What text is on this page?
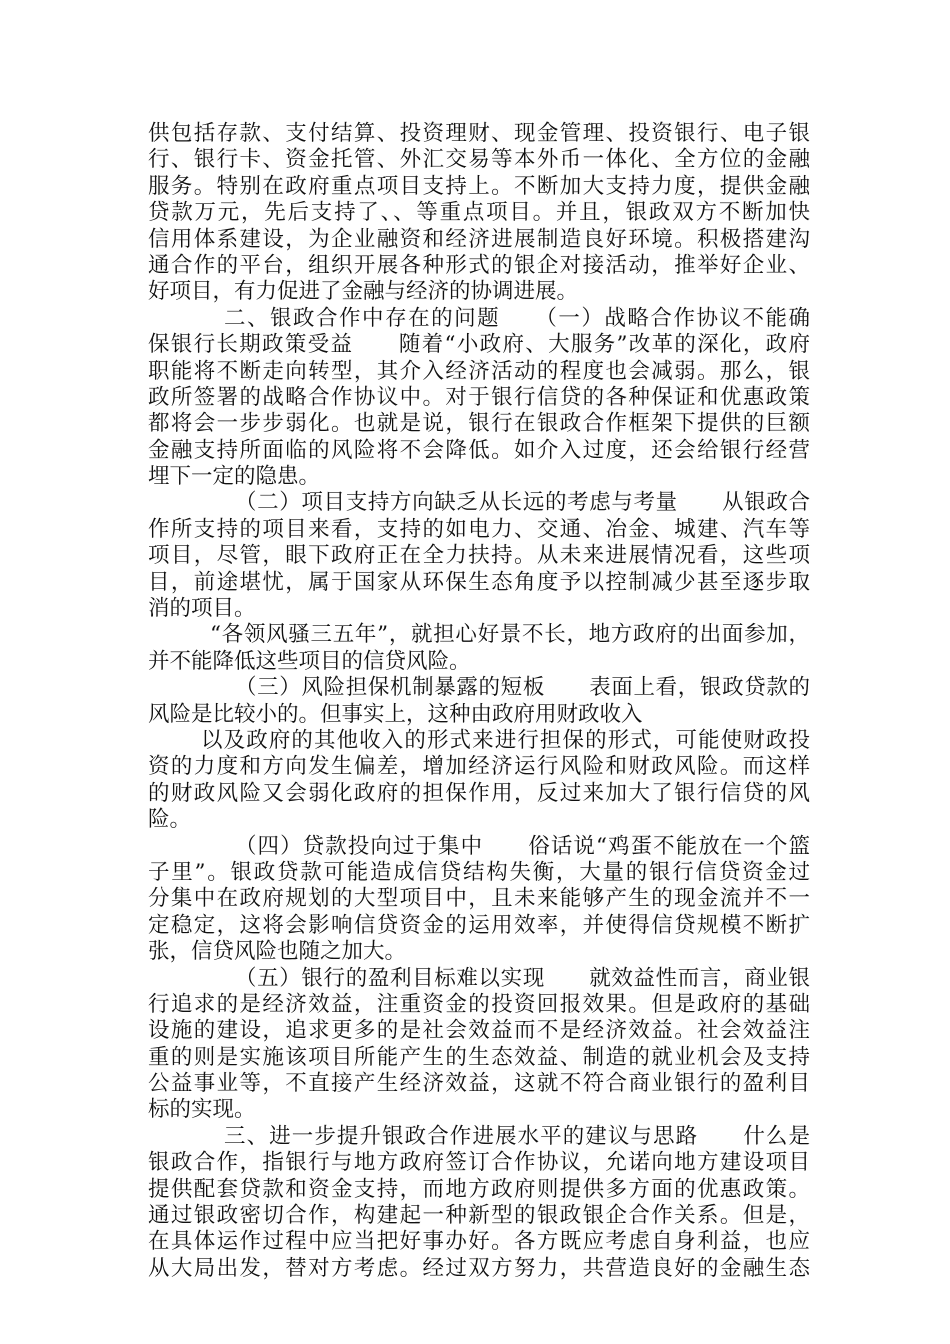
供包括存款、支付结算、投资理财、现金管理、投资银行、电子银
行、银行卡、资金托管、外汇交易等本外币一体化、全方位的金融
服务。特别在政府重点项目支持上。不断加大支持力度，提供金融
贷款万元，先后支持了、、等重点项目。并且，银政双方不断加快
信用体系建设，为企业融资和经济进展制造良好环境。积极搭建沟
通合作的平台，组织开展各种形式的银企对接活动，推举好企业、
好项目，有力促进了金融与经济的协调进展。
二、银政合作中存在的问题　　（一）战略合作协议不能确
保银行长期政策受益　　随着“小政府、大服务”改革的深化，政府
职能将不断走向转型，其介入经济活动的程度也会减弱。那么，银
政所签署的战略合作协议中。对于银行信贷的各种保证和优惠政策
都将会一步步弱化。也就是说，银行在银政合作框架下提供的巨额
金融支持所面临的风险将不会降低。如介入过度，还会给银行经营
埋下一定的隐患。
（二）项目支持方向缺乏从长远的考虑与考量　　从银政合
作所支持的项目来看，支持的如电力、交通、冶金、城建、汽车等
项目，尽管，眼下政府正在全力扶持。从未来进展情况看，这些项
目，前途堪忧，属于国家从环保生态角度予以控制减少甚至逐步取
消的项目。
“各领风骚三五年”，就担心好景不长，地方政府的出面参加，
并不能降低这些项目的信贷风险。
（三）风险担保机制暴露的短板　　表面上看，银政贷款的
风险是比较小的。但事实上，这种由政府用财政收入
以及政府的其他收入的形式来进行担保的形式，可能使财政投
资的力度和方向发生偏差，增加经济运行风险和财政风险。而这样
的财政风险又会弱化政府的担保作用，反过来加大了银行信贷的风
险。
（四）贷款投向过于集中　　俗话说“鸡蛋不能放在一个篮
子里”。银政贷款可能造成信贷结构失衡，大量的银行信贷资金过
分集中在政府规划的大型项目中，且未来能够产生的现金流并不一
定稳定，这将会影响信贷资金的运用效率，并使得信贷规模不断扩
张，信贷风险也随之加大。
（五）银行的盈利目标难以实现　　就效益性而言，商业银
行追求的是经济效益，注重资金的投资回报效果。但是政府的基础
设施的建设，追求更多的是社会效益而不是经济效益。社会效益注
重的则是实施该项目所能产生的生态效益、制造的就业机会及支持
公益事业等，不直接产生经济效益，这就不符合商业银行的盈利目
标的实现。
三、进一步提升银政合作进展水平的建议与思路　　什么是
银政合作，指银行与地方政府签订合作协议，允诺向地方建设项目
提供配套贷款和资金支持，而地方政府则提供多方面的优惠政策。
通过银政密切合作，构建起一种新型的银政银企合作关系。但是，
在具体运作过程中应当把好事办好。各方既应考虑自身利益，也应
从大局出发，替对方考虑。经过双方努力，共营造良好的金融生态
